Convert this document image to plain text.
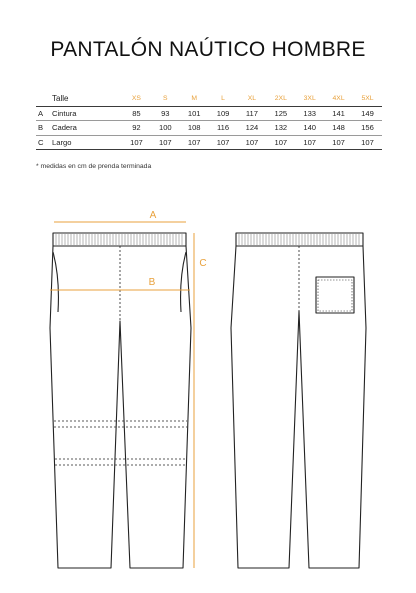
PANTALÓN NAÚTICO HOMBRE
	Talle	XS	S	M	L	XL	2XL	3XL	4XL	5XL
A	Cintura	85	93	101	109	117	125	133	141	149
B	Cadera	92	100	108	116	124	132	140	148	156
C	Largo	107	107	107	107	107	107	107	107	107
* medidas en cm de prenda terminada
A
B
C
